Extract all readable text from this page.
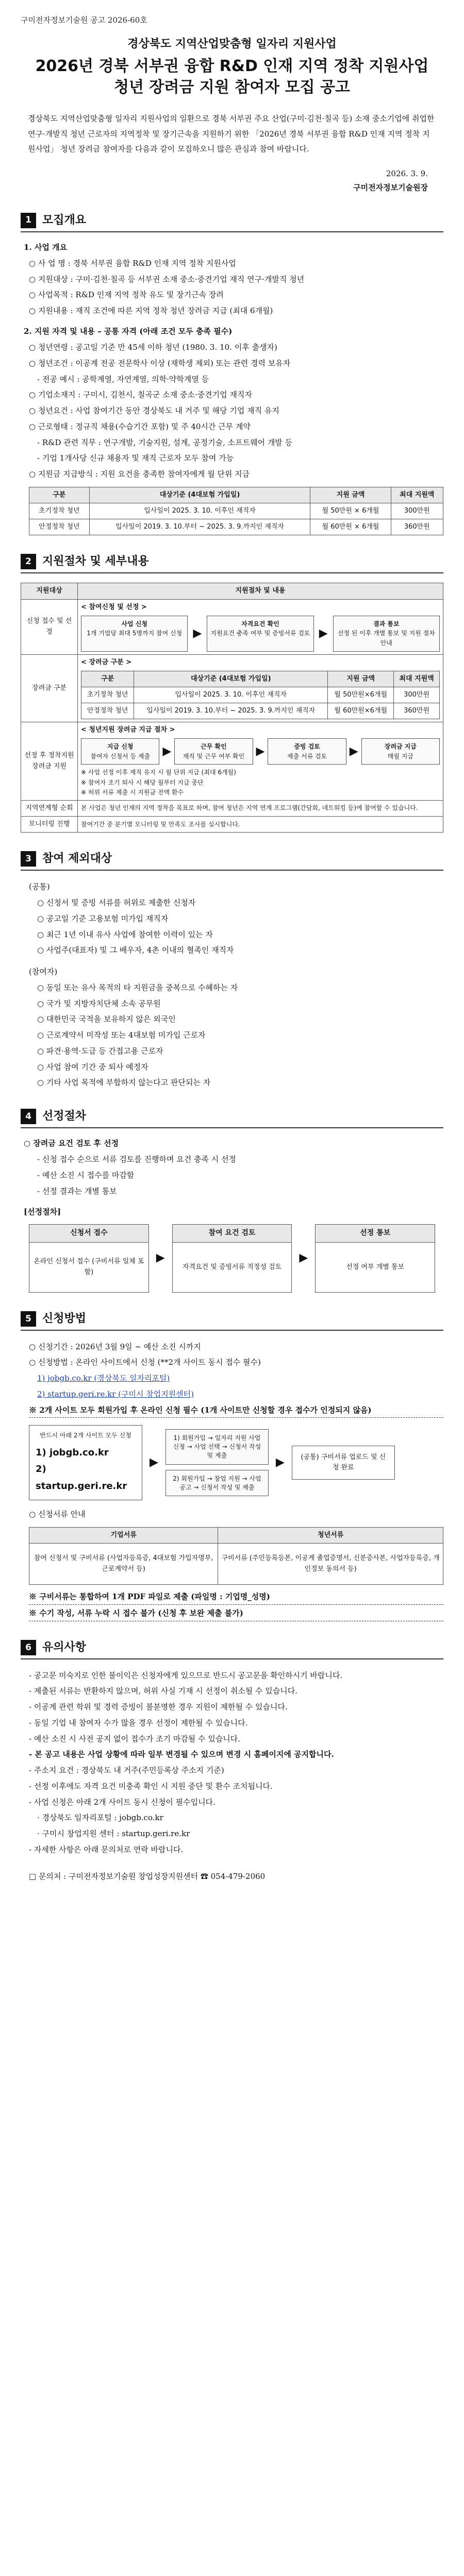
구미전자정보기술원 공고 2026-60호
경상북도 지역산업맞춤형 일자리 지원사업
2026년 경북 서부권 융합 R&D 인재 지역 정착 지원사업
청년 장려금 지원 참여자 모집 공고
경상북도 지역산업맞춤형 일자리 지원사업의 일환으로 경북 서부권 주요 산업(구미·김천·칠곡 등) 소재 중소기업에 취업한 연구·개발직 청년 근로자의 지역정착 및 장기근속을 지원하기 위한 「2026년 경북 서부권 융합 R&D 인재 지역 정착 지원사업」 청년 장려금 참여자를 다음과 같이 모집하오니 많은 관심과 참여 바랍니다.
2026. 3. 9.
구미전자정보기술원장
1 모집개요
1. 사업 개요
○ 사 업 명 : 경북 서부권 융합 R&D 인재 지역 정착 지원사업
○ 지원대상 : 구미·김천·칠곡 등 서부권 소재 중소·중견기업 재직 연구·개발직 청년
○ 사업목적 : R&D 인재 지역 정착 유도 및 장기근속 장려
○ 지원내용 : 재직 조건에 따른 지역 정착 청년 장려금 지급 (최대 6개월)
2. 지원 자격 및 내용 – 공통 자격 (아래 조건 모두 충족 필수)
○ 청년연령 : 공고일 기준 만 45세 이하 청년 (1980. 3. 10. 이후 출생자)
○ 청년조건 : 이공계 전공 전문학사 이상 (재학생 제외) 또는 관련 경력 보유자
- 전공 예시 : 공학계열, 자연계열, 의학·약학계열 등
○ 기업소재지 : 구미시, 김천시, 칠곡군 소재 중소·중견기업 재직자
○ 청년요건 : 사업 참여기간 동안 경상북도 내 거주 및 해당 기업 재직 유지
○ 근로형태 : 정규직 채용(수습기간 포함) 및 주 40시간 근무 계약
- R&D 관련 직무 : 연구개발, 기술지원, 설계, 공정기술, 소프트웨어 개발 등
- 기업 1개사당 신규 채용자 및 재직 근로자 모두 참여 가능
○ 지원금 지급방식 : 지원 요건을 충족한 참여자에게 월 단위 지급
구분	대상기준 (4대보험 가입일)	지원 금액	최대 지원액
초기정착 청년	입사일이 2025. 3. 10. 이후인 재직자	월 50만원 × 6개월	300만원
안정정착 청년	입사일이 2019. 3. 10.부터 ~ 2025. 3. 9.까지인 재직자	월 60만원 × 6개월	360만원
2 지원절차 및 세부내용
지원대상	지원절차 및 내용
신청 접수 및 선정	
< 참여신청 및 선정 >
사업 신청
1개 기업당 최대 5명까지 참여 신청 ▶
자격요건 확인
지원요건 충족 여부 및 증빙서류 검토 ▶
결과 통보
선정 된 이후 개별 통보 및 지원 절차 안내

장려금 구분	
< 장려금 구분 >
구분	대상기준 (4대보험 가입일)	지원 금액	최대 지원액
초기정착 청년	입사일이 2025. 3. 10. 이후인 재직자	월 50만원×6개월	300만원
안정정착 청년	입사일이 2019. 3. 10.부터 ~ 2025. 3. 9.까지인 재직자	월 60만원×6개월	360만원

선정 후 정착지원 장려금 지원	
< 청년지원 장려금 지급 절차 >
지급 신청
참여자 신청서 등 제출	▶	근무 확인
재직 및 근무 여부 확인	▶	증빙 검토
제출 서류 검토	▶	장려금 지급
매월 지급
※ 사업 선정 이후 재직 유지 시 월 단위 지급 (최대 6개월)
※ 참여자 조기 퇴사 시 해당 월부터 지급 중단
※ 허위 서류 제출 시 지원금 전액 환수

지역연계형 순회	본 사업은 청년 인재의 지역 정착을 목표로 하며, 참여 청년은 지역 연계 프로그램(간담회, 네트워킹 등)에 참여할 수 있습니다.
모니터링 진행	참여기간 중 분기별 모니터링 및 만족도 조사를 실시합니다.
3 참여 제외대상
(공통)
○ 신청서 및 증빙 서류를 허위로 제출한 신청자
○ 공고일 기준 고용보험 미가입 재직자
○ 최근 1년 이내 유사 사업에 참여한 이력이 있는 자
○ 사업주(대표자) 및 그 배우자, 4촌 이내의 혈족인 재직자
(참여자)
○ 동일 또는 유사 목적의 타 지원금을 중복으로 수혜하는 자
○ 국가 및 지방자치단체 소속 공무원
○ 대한민국 국적을 보유하지 않은 외국인
○ 근로계약서 미작성 또는 4대보험 미가입 근로자
○ 파견·용역·도급 등 간접고용 근로자
○ 사업 참여 기간 중 퇴사 예정자
○ 기타 사업 목적에 부합하지 않는다고 판단되는 자
4 선정절차
○ 장려금 요건 검토 후 선정
- 신청 접수 순으로 서류 검토를 진행하며 요건 충족 시 선정
- 예산 소진 시 접수를 마감함
- 선정 결과는 개별 통보
[선정절차]
신청서 접수
온라인 신청서 접수 (구비서류 일체 포함)
▶
참여 요건 검토
자격요건 및 증빙서류 적정성 검토
▶
선정 통보
선정 여부 개별 통보
5 신청방법
○ 신청기간 : 2026년 3월 9일 ~ 예산 소진 시까지
○ 신청방법 : 온라인 사이트에서 신청 (**2개 사이트 동시 접수 필수)
1) jobgb.co.kr (경상북도 일자리포털)
2) startup.geri.re.kr (구미시 창업지원센터)
※ 2개 사이트 모두 회원가입 후 온라인 신청 필수 (1개 사이트만 신청할 경우 접수가 인정되지 않음)
반드시 아래 2개 사이트 모두 신청
1) jobgb.co.kr
2) startup.geri.re.kr
▶
1) 회원가입 → 일자리 지원 사업 신청 → 사업 선택 → 신청서 작성 및 제출
2) 회원가입 → 창업 지원 → 사업 공고 → 신청서 작성 및 제출
▶	(공통) 구비서류 업로드 및 신청 완료
○ 신청서류 안내
기업서류	청년서류
참여 신청서 및 구비서류 (사업자등록증, 4대보험 가입자명부, 근로계약서 등)	구비서류 (주민등록등본, 이공계 졸업증명서, 신분증사본, 사업자등록증, 개인정보 동의서 등)
※ 구비서류는 통합하여 1개 PDF 파일로 제출 (파일명 : 기업명_성명)
※ 수기 작성, 서류 누락 시 접수 불가 (신청 후 보완 제출 불가)
6 유의사항
- 공고문 미숙지로 인한 불이익은 신청자에게 있으므로 반드시 공고문을 확인하시기 바랍니다.
- 제출된 서류는 반환하지 않으며, 허위 사실 기재 시 선정이 취소될 수 있습니다.
- 이공계 관련 학위 및 경력 증빙이 불분명한 경우 지원이 제한될 수 있습니다.
- 동일 기업 내 참여자 수가 많을 경우 선정이 제한될 수 있습니다.
- 예산 소진 시 사전 공지 없이 접수가 조기 마감될 수 있습니다.
- 본 공고 내용은 사업 상황에 따라 일부 변경될 수 있으며 변경 시 홈페이지에 공지합니다.
- 주소지 요건 : 경상북도 내 거주(주민등록상 주소지 기준)
- 선정 이후에도 자격 요건 미충족 확인 시 지원 중단 및 환수 조치됩니다.
- 사업 신청은 아래 2개 사이트 동시 신청이 필수입니다.
· 경상북도 일자리포털 : jobgb.co.kr
· 구미시 창업지원 센터 : startup.geri.re.kr
- 자세한 사항은 아래 문의처로 연락 바랍니다.
□ 문의처 : 구미전자정보기술원 창업성장지원센터 ☎ 054-479-2060
